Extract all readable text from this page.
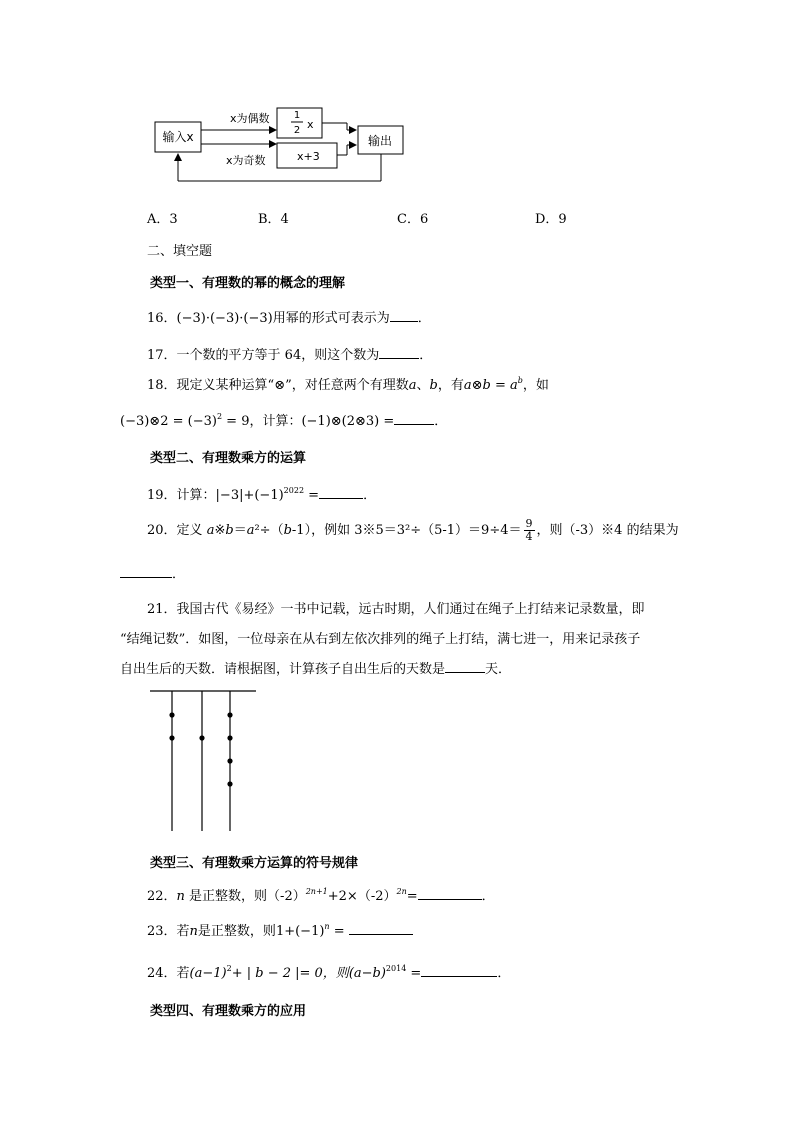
输入x
x为偶数
x为奇数
1
2 x
x+3
输出
A．3	B．4	C．6	D．9
二、填空题
类型一、有理数的幂的概念的理解
16．(−3)·(−3)·(−3)用幂的形式可表示为 ．
17．一个数的平方等于 64，则这个数为	．
18．现定义某种运算“⊗”，对任意两个有理数a、b，有a⊗b = $a^b$，如
(−3)⊗2 = $(-3)^2 = 9$，计算：(−1)⊗(2⊗3) =	．
类型二、有理数乘方的运算
19．计算：$|-3|+(-1)^{2022}$ =	．
20．定义 a※b＝a²÷（b-1），例如 3※5＝3²÷（5-1）＝9÷4＝ $\frac{9}{4}$ ，则（-3）※4 的结果为
．
21．我国古代《易经》一书中记载，远古时期，人们通过在绳子上打结来记录数量，即
“结绳记数”．如图，一位母亲在从右到左依次排列的绳子上打结，满七进一，用来记录孩子
自出生后的天数．请根据图，计算孩子自出生后的天数是	天．
类型三、有理数乘方运算的符号规律
22．n 是正整数，则$(-2)^{2n+1}+2\times(-2)^{2n}=$	．
23．若n是正整数，则$1+(-1)^n$ =
24．若$(a-1)^2+$ | b − 2 |= 0，则$(a-b)^{2014}$ =	．
类型四、有理数乘方的应用
